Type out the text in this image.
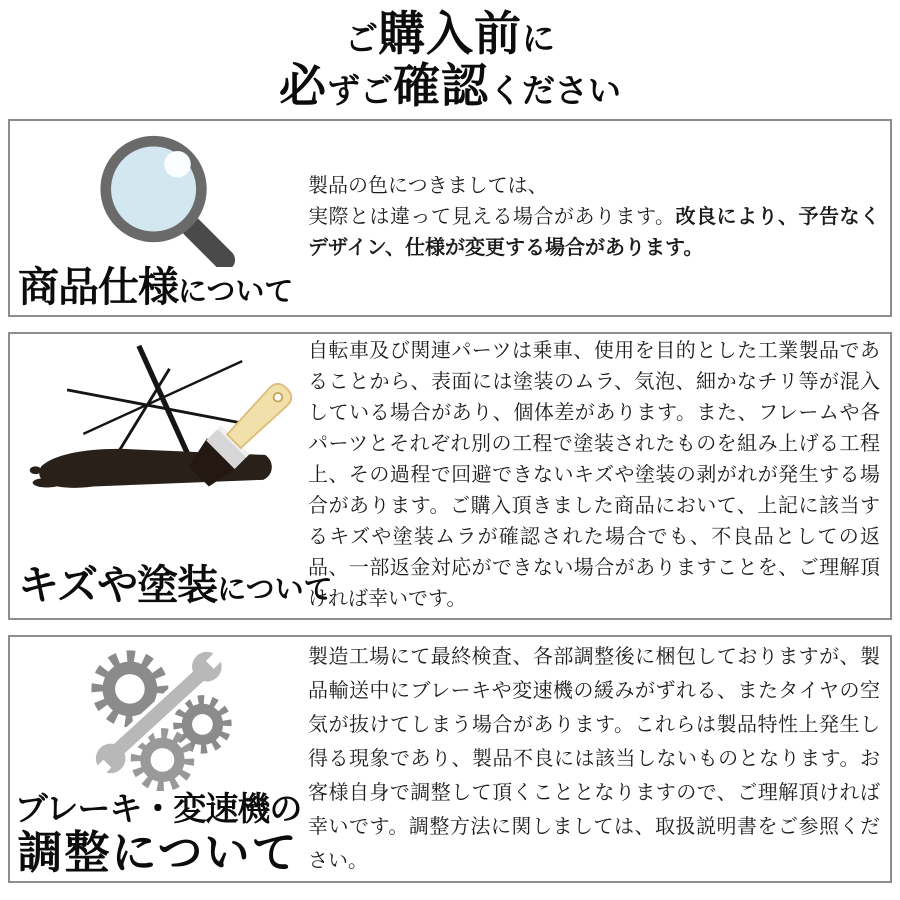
ご購入前に
必ずご確認ください
商品仕様について

製品の色につきましては、
実際とは違って見える場合があります。改良により、予告なくデザイン、仕様が変更する場合があります。

キズや塗装について

自転車及び関連パーツは乗車、使用を目的とした工業製品であることから、表面には塗装のムラ、気泡、細かなチリ等が混入している場合があり、個体差があります。また、フレームや各パーツとそれぞれ別の工程で塗装されたものを組み上げる工程上、その過程で回避できないキズや塗装の剥がれが発生する場合があります。ご購入頂きました商品において、上記に該当するキズや塗装ムラが確認された場合でも、不良品としての返品、一部返金対応ができない場合がありますことを、ご理解頂ければ幸いです。

ブレーキ・変速機の
調整について

製造工場にて最終検査、各部調整後に梱包しておりますが、製品輸送中にブレーキや変速機の緩みがずれる、またタイヤの空気が抜けてしまう場合があります。これらは製品特性上発生し得る現象であり、製品不良には該当しないものとなります。お客様自身で調整して頂くこととなりますので、ご理解頂ければ幸いです。調整方法に関しましては、取扱説明書をご参照ください。
